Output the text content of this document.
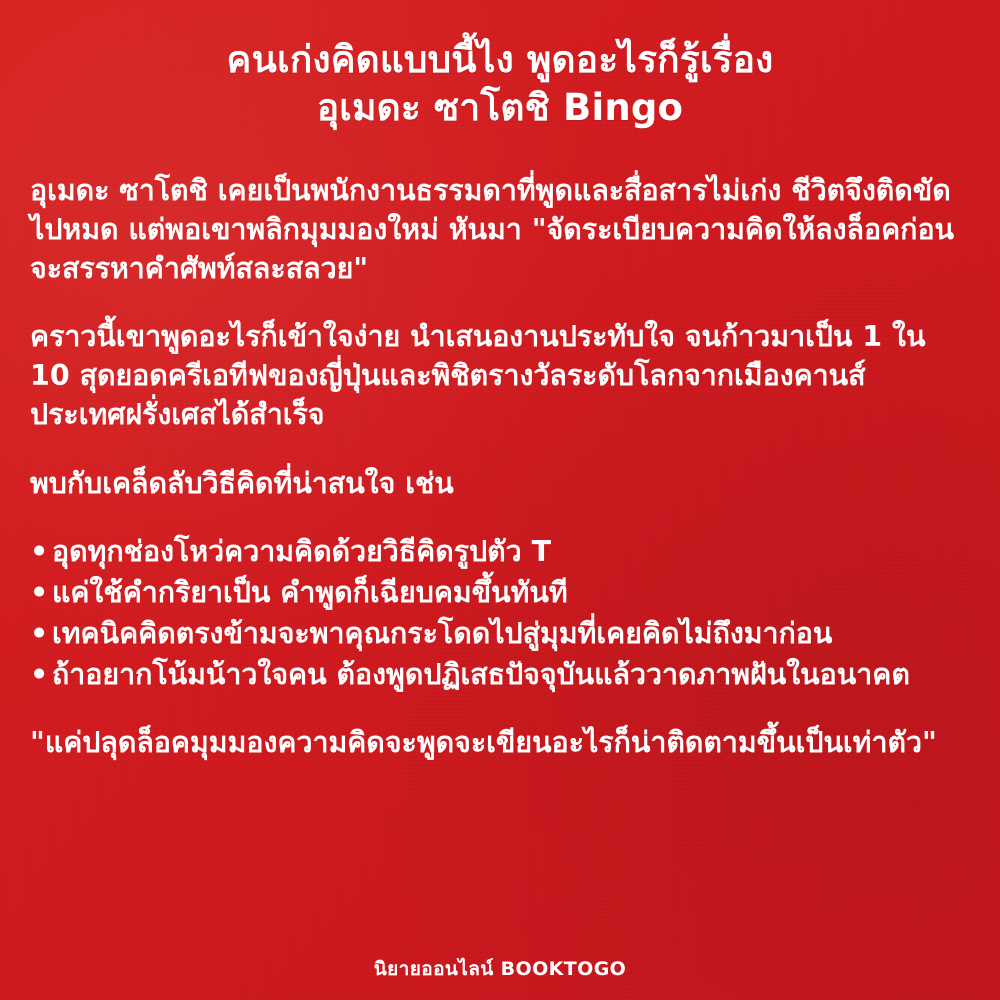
คนเก่งคิดแบบนี้ไง พูดอะไรก็รู้เรื่อง
อุเมดะ ซาโตชิ Bingo

อุเมดะ ซาโตชิ เคยเป็นพนักงานธรรมดาที่พูดและสื่อสารไม่เก่ง ชีวิตจึงติดขัดไปหมด แต่พอเขาพลิกมุมมองใหม่ หันมา "จัดระเบียบความคิดให้ลงล็อคก่อนจะสรรหาคำศัพท์สละสลวย"

คราวนี้เขาพูดอะไรก็เข้าใจง่าย นำเสนองานประทับใจ จนก้าวมาเป็น 1 ใน 10 สุดยอดครีเอทีฟของญี่ปุ่นและพิชิตรางวัลระดับโลกจากเมืองคานส์ ประเทศฝรั่งเศสได้สำเร็จ

พบกับเคล็ดลับวิธีคิดที่น่าสนใจ เช่น

• อุดทุกช่องโหว่ความคิดด้วยวิธีคิดรูปตัว T
• แค่ใช้คำกริยาเป็น คำพูดก็เฉียบคมขึ้นทันที
• เทคนิคคิดตรงข้ามจะพาคุณกระโดดไปสู่มุมที่เคยคิดไม่ถึงมาก่อน
• ถ้าอยากโน้มน้าวใจคน ต้องพูดปฏิเสธปัจจุบันแล้ววาดภาพฝันในอนาคต

"แค่ปลุดล็อคมุมมองความคิดจะพูดจะเขียนอะไรก็น่าติดตามขึ้นเป็นเท่าตัว"

นิยายออนไลน์ BOOKTOGO
